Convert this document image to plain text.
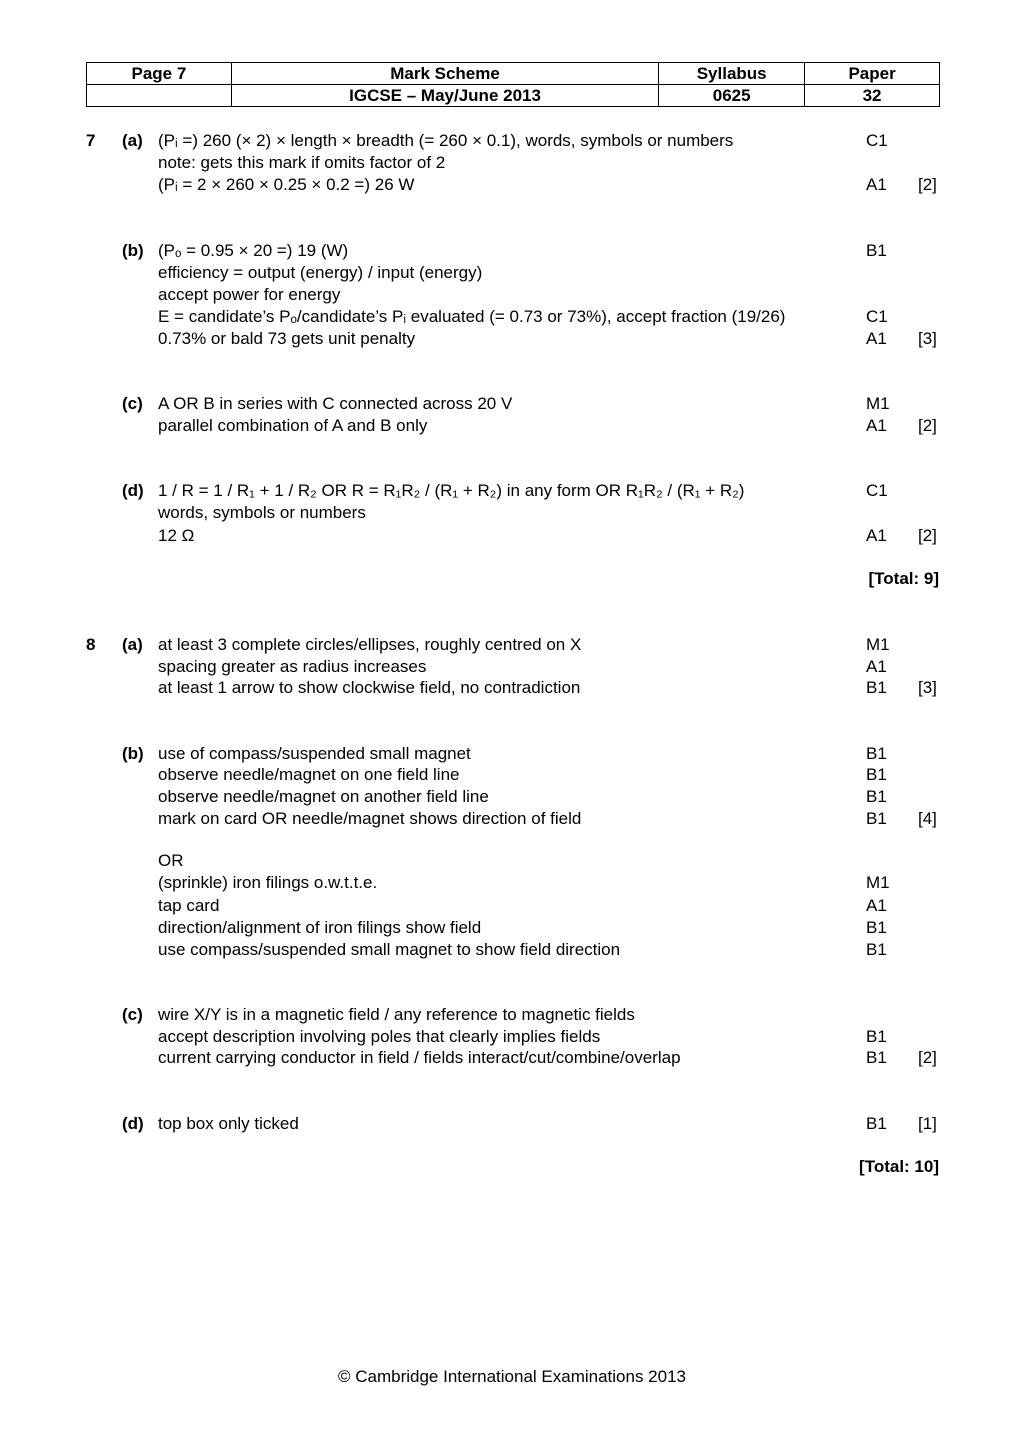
Page 7	Mark Scheme	Syllabus	Paper
	IGCSE – May/June 2013	0625	32
7 (a) (Pᵢ =) 260 (× 2) × length × breadth (= 260 × 0.1), words, symbols or numbers	C1
note: gets this mark if omits factor of 2
(Pᵢ = 2 × 260 × 0.25 × 0.2 =) 26 W	A1 [2]
(b) (Pₒ = 0.95 × 20 =) 19 (W)	B1
efficiency = output (energy) / input (energy)
accept power for energy
E = candidate’s Pₒ/candidate’s Pᵢ evaluated (= 0.73 or 73%), accept fraction (19/26)	C1
0.73% or bald 73 gets unit penalty	A1 [3]
(c) A OR B in series with C connected across 20 V	M1
parallel combination of A and B only	A1 [2]
(d) 1 / R = 1 / R₁ + 1 / R₂ OR R = R₁R₂ / (R₁ + R₂) in any form OR R₁R₂ / (R₁ + R₂)	C1
words, symbols or numbers
12 Ω	A1 [2]
[Total: 9]
8 (a) at least 3 complete circles/ellipses, roughly centred on X	M1
spacing greater as radius increases	A1
at least 1 arrow to show clockwise field, no contradiction	B1 [3]
(b) use of compass/suspended small magnet	B1
observe needle/magnet on one field line	B1
observe needle/magnet on another field line	B1
mark on card OR needle/magnet shows direction of field	B1 [4]
OR
(sprinkle) iron filings o.w.t.t.e.	M1
tap card	A1
direction/alignment of iron filings show field	B1
use compass/suspended small magnet to show field direction	B1
(c) wire X/Y is in a magnetic field / any reference to magnetic fields
accept description involving poles that clearly implies fields	B1
current carrying conductor in field / fields interact/cut/combine/overlap	B1 [2]
(d) top box only ticked	B1 [1]
[Total: 10]
© Cambridge International Examinations 2013
